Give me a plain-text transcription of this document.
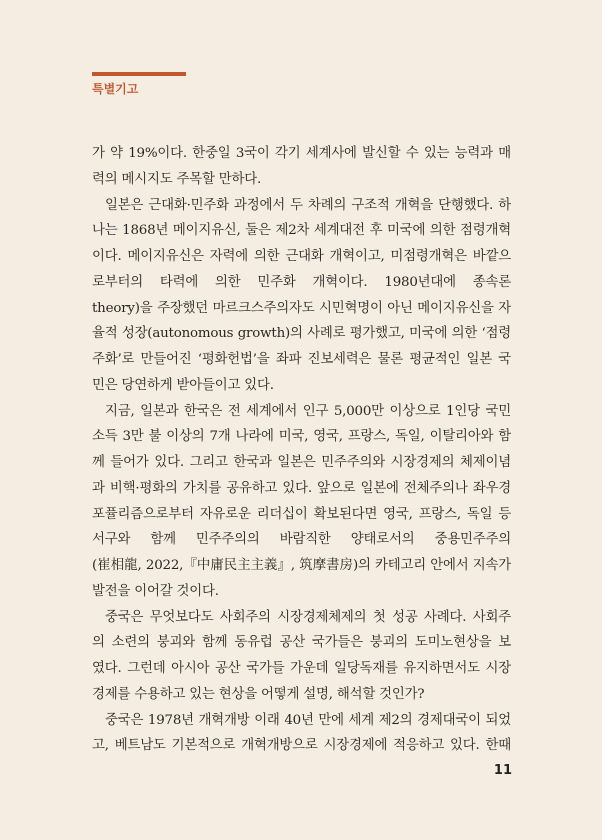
특별기고
가 약 19%이다. 한중일 3국이 각기 세계사에 발신할 수 있는 능력과 매
력의 메시지도 주목할 만하다.
일본은 근대화·민주화 과정에서 두 차례의 구조적 개혁을 단행했다. 하
나는 1868년 메이지유신, 둘은 제2차 세계대전 후 미국에 의한 점령개혁
이다. 메이지유신은 자력에 의한 근대화 개혁이고, 미점령개혁은 바깥으
로부터의 타력에 의한 민주화 개혁이다. 1980년대에 종속론
theory)을 주장했던 마르크스주의자도 시민혁명이 아닌 메이지유신을 자
율적 성장(autonomous growth)의 사례로 평가했고, 미국에 의한 ‘점령
주화’로 만들어진 ‘평화헌법’을 좌파 진보세력은 물론 평균적인 일본 국
민은 당연하게 받아들이고 있다.
지금, 일본과 한국은 전 세계에서 인구 5,000만 이상으로 1인당 국민
소득 3만 불 이상의 7개 나라에 미국, 영국, 프랑스, 독일, 이탈리아와 함
께 들어가 있다. 그리고 한국과 일본은 민주주의와 시장경제의 체제이념
과 비핵·평화의 가치를 공유하고 있다. 앞으로 일본에 전체주의나 좌우경
포퓰리즘으로부터 자유로운 리더십이 확보된다면 영국, 프랑스, 독일 등
서구와 함께 민주주의의 바람직한 양태로서의 중용민주주의
(崔相龍, 2022,『中庸民主主義』, 筑摩書房)의 카테고리 안에서 지속가
발전을 이어갈 것이다.
중국은 무엇보다도 사회주의 시장경제체제의 첫 성공 사례다. 사회주
의 소련의 붕괴와 함께 동유럽 공산 국가들은 붕괴의 도미노현상을 보
였다. 그런데 아시아 공산 국가들 가운데 일당독재를 유지하면서도 시장
경제를 수용하고 있는 현상을 어떻게 설명, 해석할 것인가?
중국은 1978년 개혁개방 이래 40년 만에 세계 제2의 경제대국이 되었
고, 베트남도 기본적으로 개혁개방으로 시장경제에 적응하고 있다. 한때
11
